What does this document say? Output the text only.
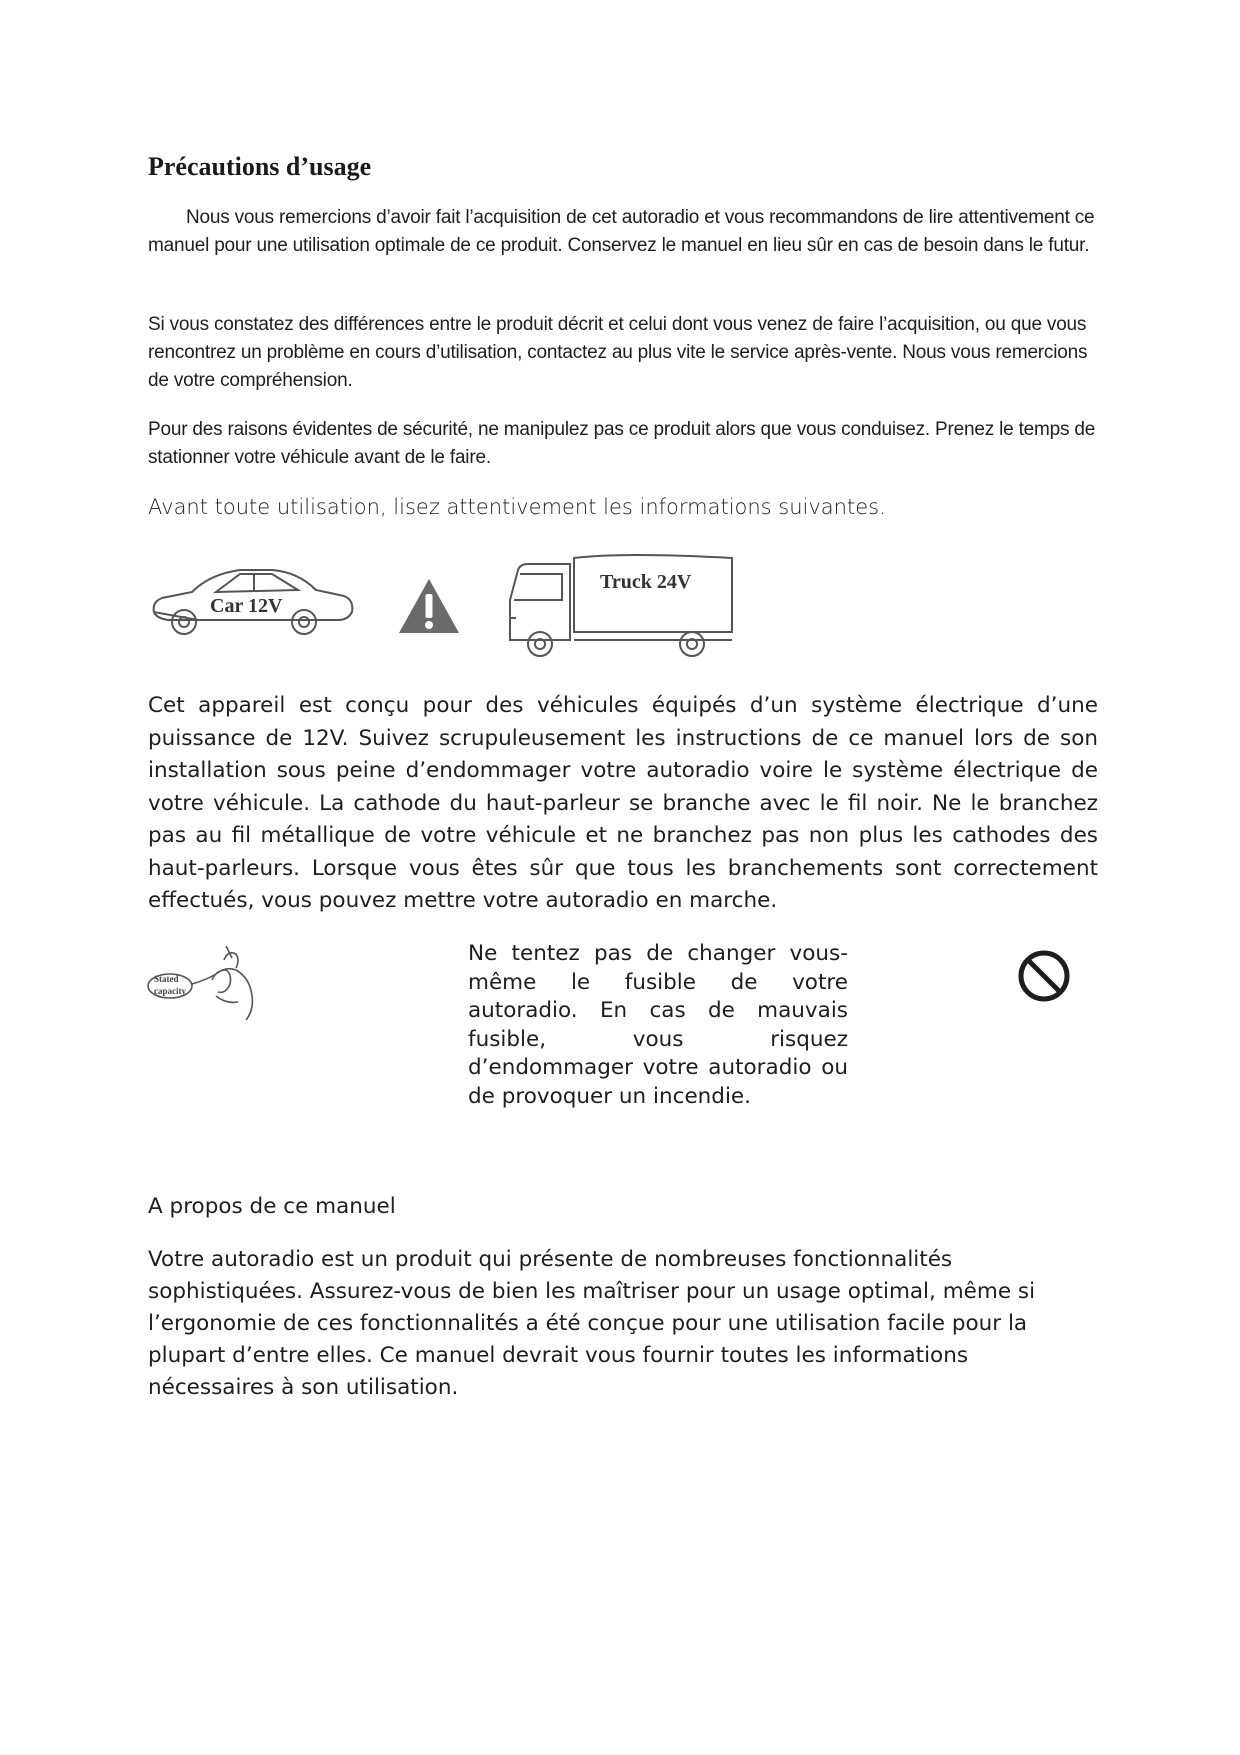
Précautions d’usage

Nous vous remercions d’avoir fait l’acquisition de cet autoradio et vous recommandons de lire attentivement ce manuel pour une utilisation optimale de ce produit. Conservez le manuel en lieu sûr en cas de besoin dans le futur.

Si vous constatez des différences entre le produit décrit et celui dont vous venez de faire l’acquisition, ou que vous rencontrez un problème en cours d’utilisation, contactez au plus vite le service après-vente. Nous vous remercions de votre compréhension.

Pour des raisons évidentes de sécurité, ne manipulez pas ce produit alors que vous conduisez. Prenez le temps de stationner votre véhicule avant de le faire.

Avant toute utilisation, lisez attentivement les informations suivantes.

Car 12V
Truck 24V

Cet appareil est conçu pour des véhicules équipés d’un système électrique d’une puissance de 12V. Suivez scrupuleusement les instructions de ce manuel lors de son installation sous peine d’endommager votre autoradio voire le système électrique de votre véhicule. La cathode du haut-parleur se branche avec le fil noir. Ne le branchez pas au fil métallique de votre véhicule et ne branchez pas non plus les cathodes des haut-parleurs. Lorsque vous êtes sûr que tous les branchements sont correctement effectués, vous pouvez mettre votre autoradio en marche.

Stated
capacity

Ne tentez pas de changer vous-même le fusible de votre autoradio. En cas de mauvais fusible, vous risquez d’endommager votre autoradio ou de provoquer un incendie.

A propos de ce manuel

Votre autoradio est un produit qui présente de nombreuses fonctionnalités sophistiquées. Assurez-vous de bien les maîtriser pour un usage optimal, même si l’ergonomie de ces fonctionnalités a été conçue pour une utilisation facile pour la plupart d’entre elles. Ce manuel devrait vous fournir toutes les informations nécessaires à son utilisation.
